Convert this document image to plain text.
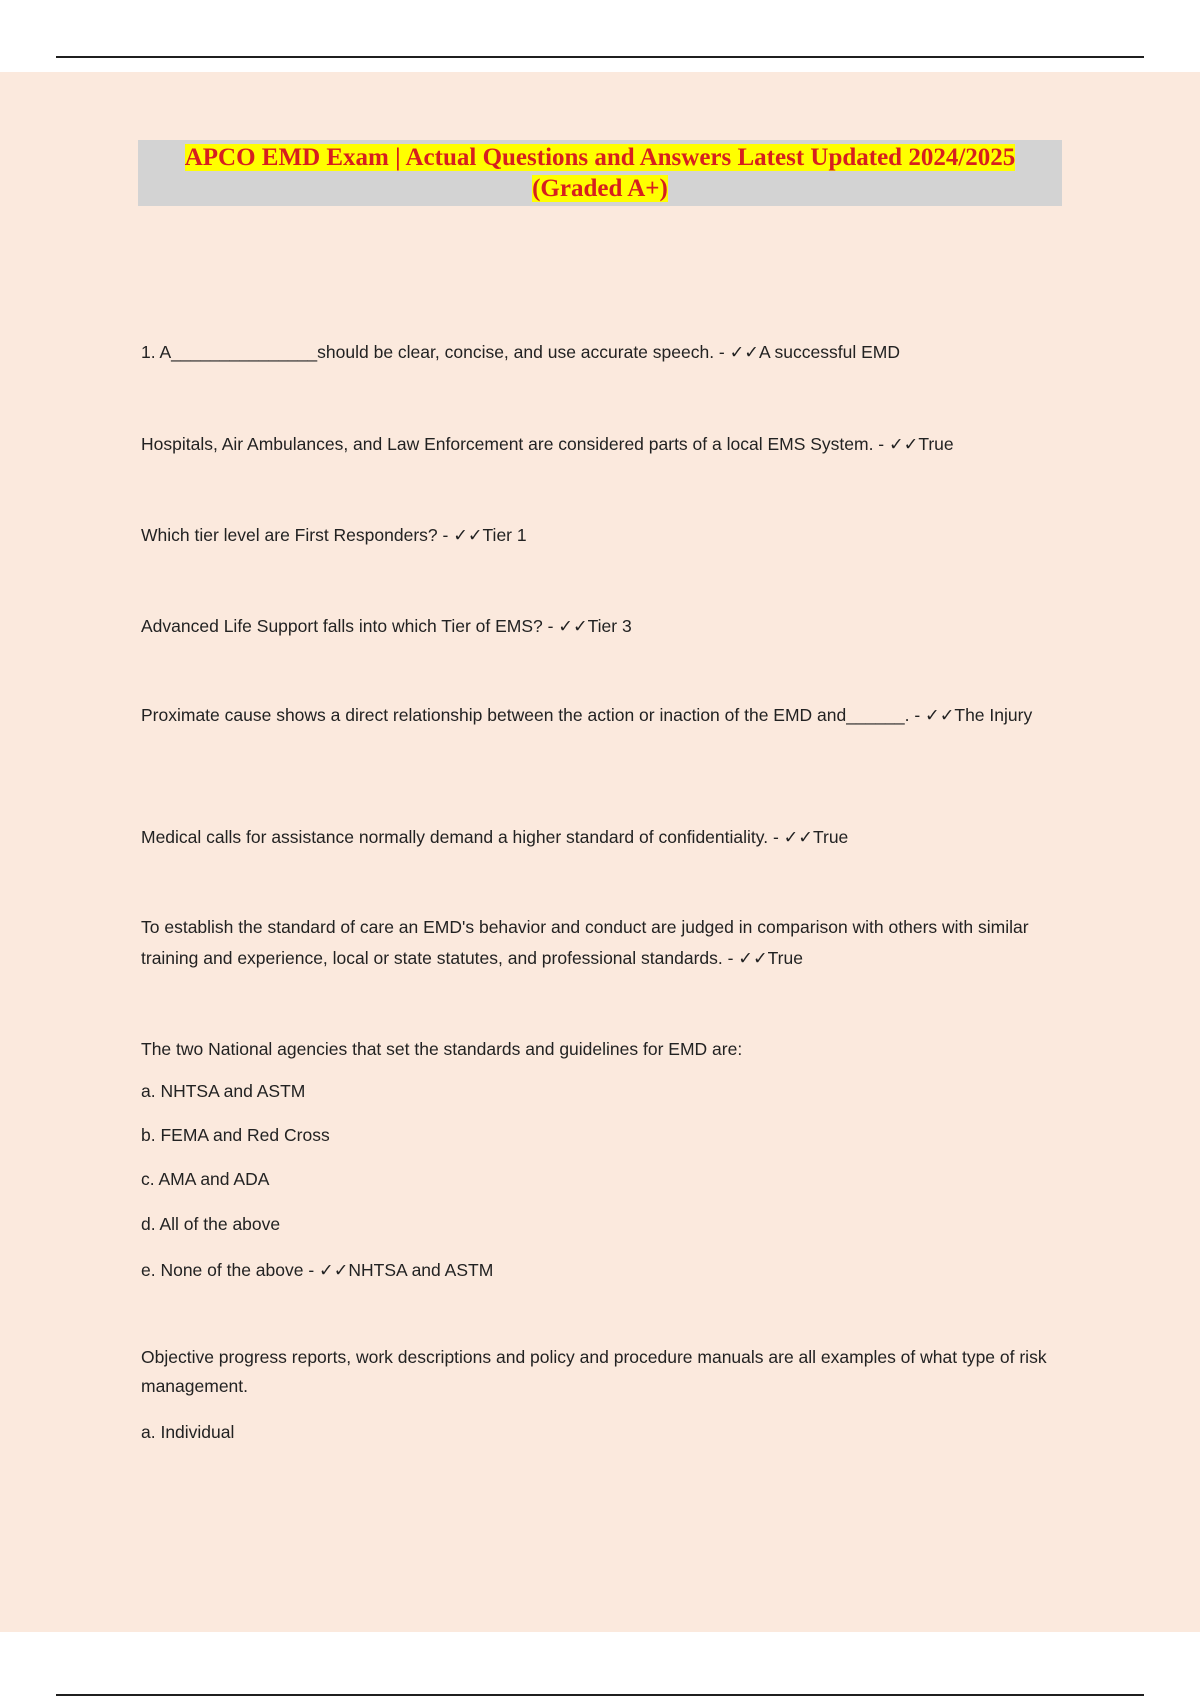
APCO EMD Exam | Actual Questions and Answers Latest Updated 2024/2025 (Graded A+)
1. A_______________should be clear, concise, and use accurate speech. - ✓✓A successful EMD
Hospitals, Air Ambulances, and Law Enforcement are considered parts of a local EMS System. - ✓✓True
Which tier level are First Responders? - ✓✓Tier 1
Advanced Life Support falls into which Tier of EMS? - ✓✓Tier 3
Proximate cause shows a direct relationship between the action or inaction of the EMD and______. - ✓✓The Injury
Medical calls for assistance normally demand a higher standard of confidentiality. - ✓✓True
To establish the standard of care an EMD's behavior and conduct are judged in comparison with others with similar training and experience, local or state statutes, and professional standards. - ✓✓True
The two National agencies that set the standards and guidelines for EMD are:
a. NHTSA and ASTM
b. FEMA and Red Cross
c. AMA and ADA
d. All of the above
e. None of the above - ✓✓NHTSA and ASTM
Objective progress reports, work descriptions and policy and procedure manuals are all examples of what type of risk management.
a. Individual
